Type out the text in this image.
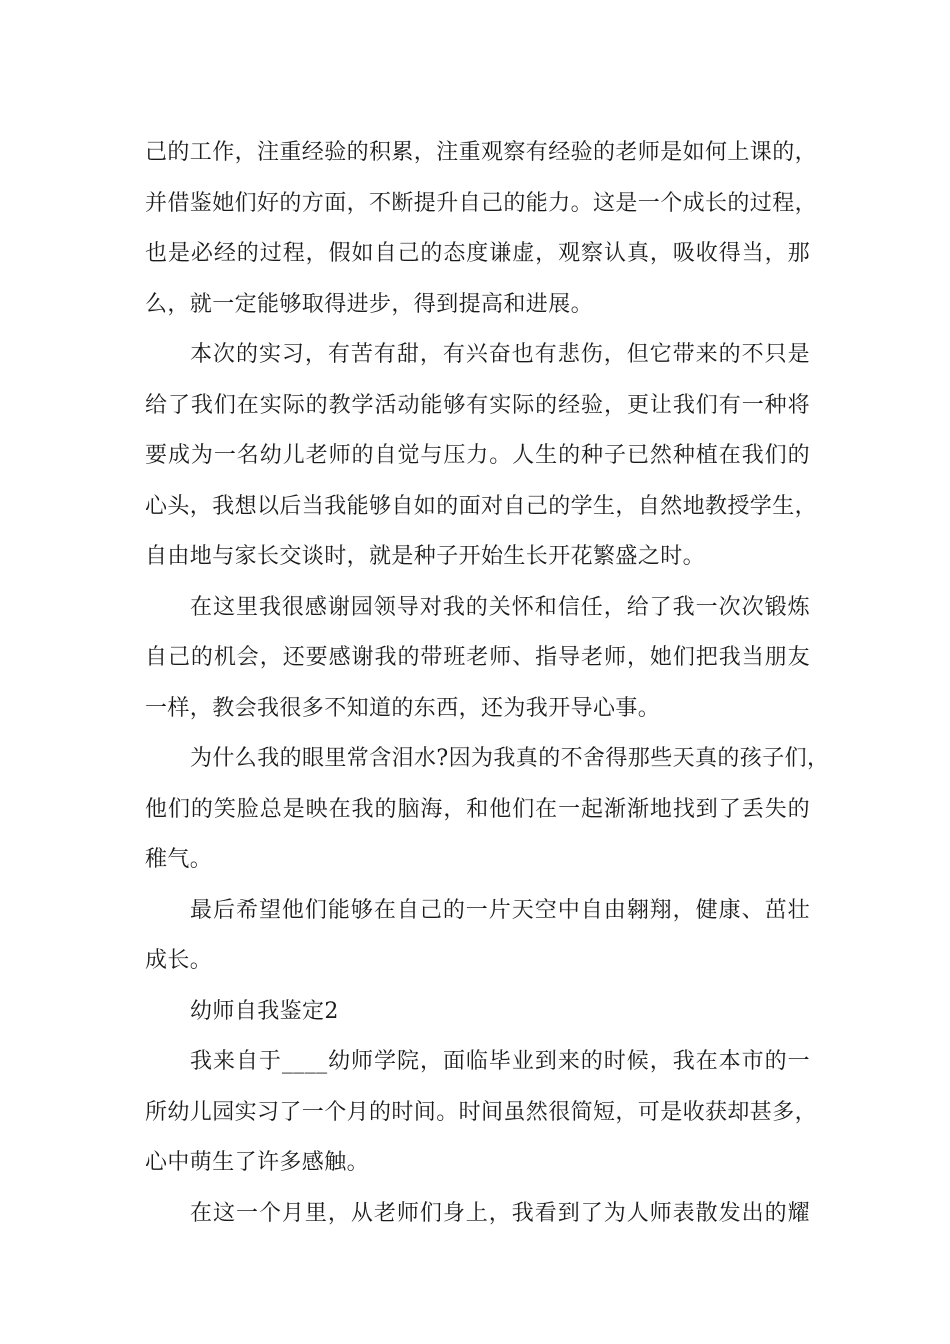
己的工作，注重经验的积累，注重观察有经验的老师是如何上课的，
并借鉴她们好的方面，不断提升自己的能力。这是一个成长的过程，
也是必经的过程，假如自己的态度谦虚，观察认真，吸收得当，那
么，就一定能够取得进步，得到提高和进展。
本次的实习，有苦有甜，有兴奋也有悲伤，但它带来的不只是
给了我们在实际的教学活动能够有实际的经验，更让我们有一种将
要成为一名幼儿老师的自觉与压力。人生的种子已然种植在我们的
心头，我想以后当我能够自如的面对自己的学生，自然地教授学生，
自由地与家长交谈时，就是种子开始生长开花繁盛之时。
在这里我很感谢园领导对我的关怀和信任，给了我一次次锻炼
自己的机会，还要感谢我的带班老师、指导老师，她们把我当朋友
一样，教会我很多不知道的东西，还为我开导心事。
为什么我的眼里常含泪水?因为我真的不舍得那些天真的孩子们，
他们的笑脸总是映在我的脑海，和他们在一起渐渐地找到了丢失的
稚气。
最后希望他们能够在自己的一片天空中自由翱翔，健康、茁壮
成长。
幼师自我鉴定2
我来自于____幼师学院，面临毕业到来的时候，我在本市的一
所幼儿园实习了一个月的时间。时间虽然很简短，可是收获却甚多，
心中萌生了许多感触。
在这一个月里，从老师们身上，我看到了为人师表散发出的耀
